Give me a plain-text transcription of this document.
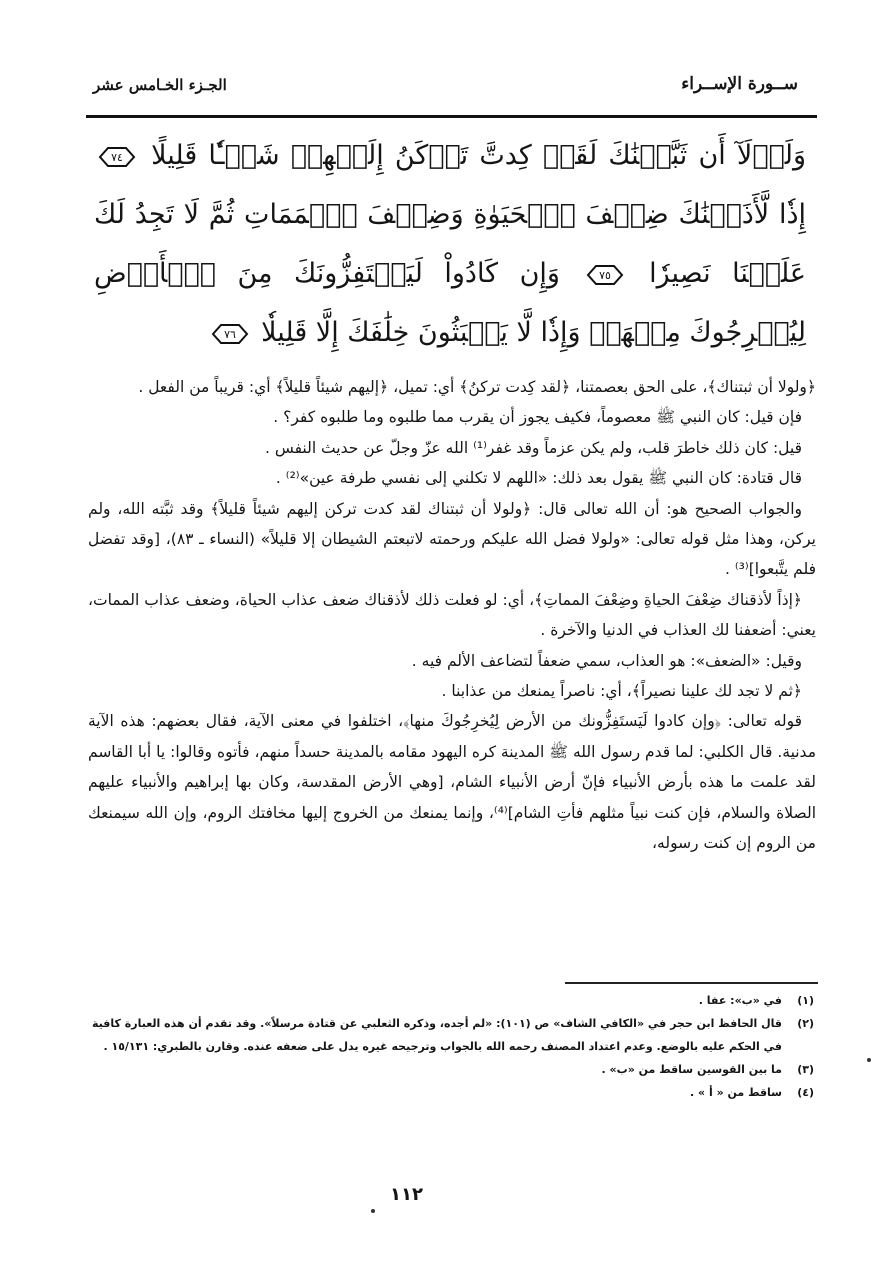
ســورة الإســراء
الجـزء الخـامس عشر
وَلَوۡلَآ أَن ثَبَّتۡنَٰكَ لَقَدۡ كِدتَّ تَرۡكَنُ إِلَيۡهِمۡ شَيۡـٔٗا قَلِيلًا
٧٤
إِذٗا لَّأَذَقۡنَٰكَ ضِعۡفَ ٱلۡحَيَوٰةِ وَضِعۡفَ ٱلۡمَمَاتِ ثُمَّ لَا تَجِدُ لَكَ عَلَيۡنَا نَصِيرٗا
٧٥
وَإِن كَادُواْ لَيَسۡتَفِزُّونَكَ مِنَ ٱلۡأَرۡضِ لِيُخۡرِجُوكَ مِنۡهَاۖ وَإِذٗا لَّا يَلۡبَثُونَ خِلَٰفَكَ إِلَّا قَلِيلٗا
٧٦

﴿ولولا أن ثبتناك﴾، على الحق بعصمتنا، ﴿لقد كِدت تركنُ﴾ أي: تميل، ﴿إليهم شيئاً قليلاً﴾ أي: قريباً من الفعل .

فإن قيل: كان النبي ﷺ معصوماً، فكيف يجوز أن يقرب مما طلبوه وما طلبوه كفر؟ .

قيل: كان ذلك خاطرَ قلب، ولم يكن عزماً وقد غفر⁽¹⁾ الله عزّ وجلّ عن حديث النفس .

قال قتادة: كان النبي ﷺ يقول بعد ذلك: «اللهم لا تكلني إلى نفسي طرفة عين»⁽²⁾ .

والجواب الصحيح هو: أن الله تعالى قال: ﴿ولولا أن ثبتناك لقد كدت تركن إليهم شيئاً قليلاً﴾ وقد ثبَّته الله، ولم يركن، وهذا مثل قوله تعالى: «ولولا فضل الله عليكم ورحمته لاتبعتم الشيطان إلا قليلاً» (النساء ـ ٨٣)، [وقد تفضل فلم يتَّبعوا]⁽³⁾ .

﴿إذاً لأذقناك ضِعْفَ الحياةِ وضِعْفَ المماتِ﴾، أي: لو فعلت ذلك لأذقناك ضعف عذاب الحياة، وضعف عذاب الممات، يعني: أضعفنا لك العذاب في الدنيا والآخرة .

وقيل: «الضعف»: هو العذاب، سمي ضعفاً لتضاعف الألم فيه .

﴿ثم لا تجد لك علينا نصيراً﴾، أي: ناصراً يمنعك من عذابنا .

قوله تعالى: ﴿وإن كادوا لَيَستَفِزُّونك من الأرض لِيُخرِجُوكَ منها﴾، اختلفوا في معنى الآية، فقال بعضهم: هذه الآية مدنية. قال الكلبي: لما قدم رسول الله ﷺ المدينة كره اليهود مقامه بالمدينة حسداً منهم، فأتوه وقالوا: يا أبا القاسم لقد علمت ما هذه بأرض الأنبياء فإنّ أرض الأنبياء الشام، [وهي الأرض المقدسة، وكان بها إبراهيم والأنبياء عليهم الصلاة والسلام، فإن كنت نبياً مثلهم فأتِ الشام]⁽⁴⁾، وإنما يمنعك من الخروج إليها مخافتك الروم، وإن الله سيمنعك من الروم إن كنت رسوله،

(١)
في «ب»: عفا .
(٢)
قال الحافظ ابن حجر في «الكافي الشاف» ص (١٠١): «لم أجده، وذكره الثعلبي عن قتادة مرسلاً». وقد تقدم أن هذه العبارة كافية في الحكم عليه بالوضع. وعدم اعتداد المصنف رحمه الله بالجواب وترجيحه غيره يدل على ضعفه عنده. وقارن بالطبري: ١٥/١٣١ .
(٣)
ما بين القوسين ساقط من «ب» .
(٤)
ساقط من « أ » .
١١٢
